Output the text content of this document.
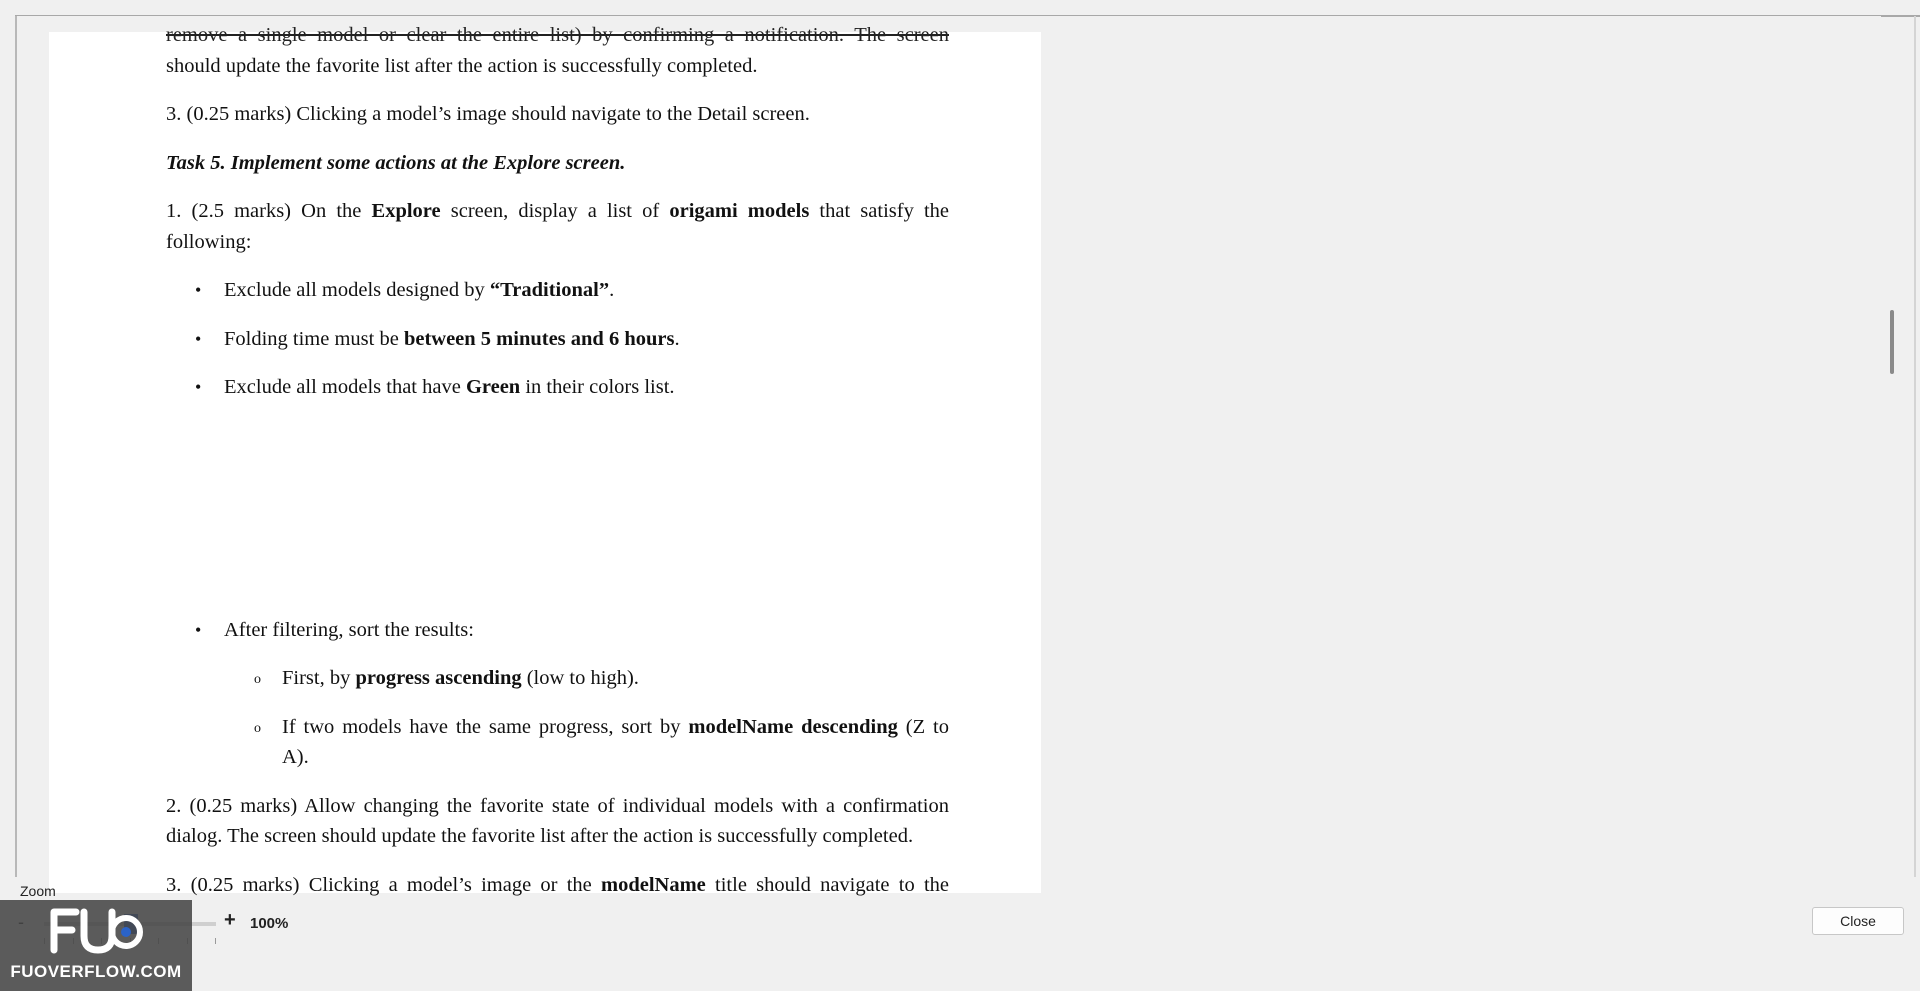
remove a single model or clear the entire list) by confirming a notification. The screen
should update the favorite list after the action is successfully completed.
3. (0.25 marks) Clicking a model’s image should navigate to the Detail screen.
Task 5. Implement some actions at the Explore screen.
1. (2.5 marks) On the Explore screen, display a list of origami models that satisfy the
following:
• Exclude all models designed by “Traditional”.
• Folding time must be between 5 minutes and 6 hours.
• Exclude all models that have Green in their colors list.
• After filtering, sort the results:
o First, by progress ascending (low to high).
o If two models have the same progress, sort by modelName descending (Z to
A).
2. (0.25 marks) Allow changing the favorite state of individual models with a confirmation
dialog. The screen should update the favorite list after the action is successfully completed.
3. (0.25 marks) Clicking a model’s image or the modelName title should navigate to the
Zoom
+ 100%	Close
FUOVERFLOW.COM
